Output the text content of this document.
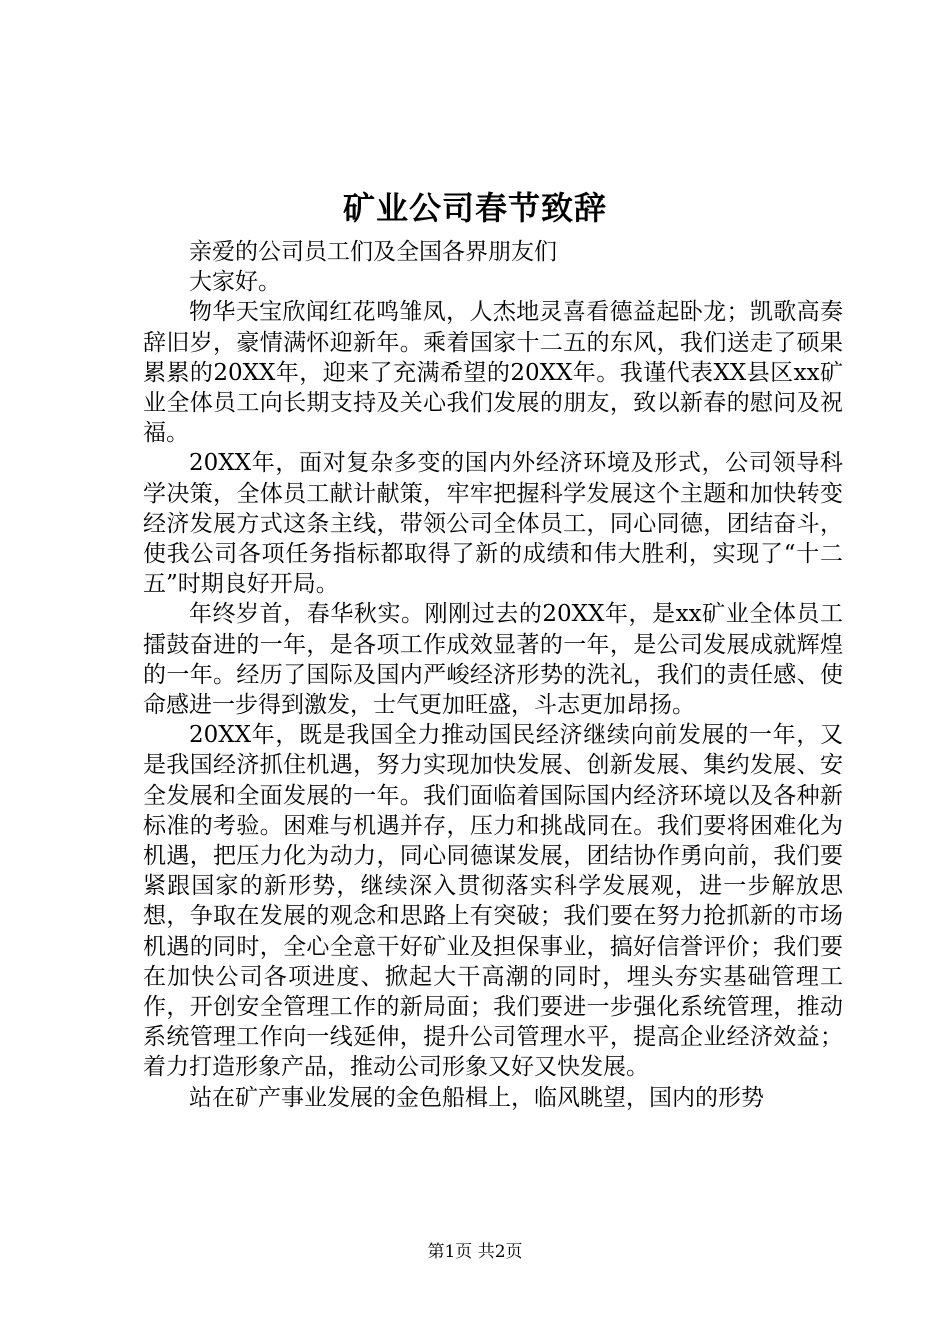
矿业公司春节致辞

亲爱的公司员工们及全国各界朋友们

大家好。

物华天宝欣闻红花鸣雏凤，人杰地灵喜看德益起卧龙；凯歌高奏辞旧岁，豪情满怀迎新年。乘着国家十二五的东风，我们送走了硕果累累的20XX年，迎来了充满希望的20XX年。我谨代表XX县区xx矿业全体员工向长期支持及关心我们发展的朋友，致以新春的慰问及祝福。

20XX年，面对复杂多变的国内外经济环境及形式，公司领导科学决策，全体员工献计献策，牢牢把握科学发展这个主题和加快转变经济发展方式这条主线，带领公司全体员工，同心同德，团结奋斗，使我公司各项任务指标都取得了新的成绩和伟大胜利，实现了“十二五”时期良好开局。

年终岁首，春华秋实。刚刚过去的20XX年，是xx矿业全体员工擂鼓奋进的一年，是各项工作成效显著的一年，是公司发展成就辉煌的一年。经历了国际及国内严峻经济形势的洗礼，我们的责任感、使命感进一步得到激发，士气更加旺盛，斗志更加昂扬。

20XX年，既是我国全力推动国民经济继续向前发展的一年，又是我国经济抓住机遇，努力实现加快发展、创新发展、集约发展、安全发展和全面发展的一年。我们面临着国际国内经济环境以及各种新标准的考验。困难与机遇并存，压力和挑战同在。我们要将困难化为机遇，把压力化为动力，同心同德谋发展，团结协作勇向前，我们要紧跟国家的新形势，继续深入贯彻落实科学发展观，进一步解放思想，争取在发展的观念和思路上有突破；我们要在努力抢抓新的市场机遇的同时，全心全意干好矿业及担保事业，搞好信誉评价；我们要在加快公司各项进度、掀起大干高潮的同时，埋头夯实基础管理工作，开创安全管理工作的新局面；我们要进一步强化系统管理，推动系统管理工作向一线延伸，提升公司管理水平，提高企业经济效益；着力打造形象产品，推动公司形象又好又快发展。

站在矿产事业发展的金色船楫上，临风眺望，国内的形势

第1页 共2页
